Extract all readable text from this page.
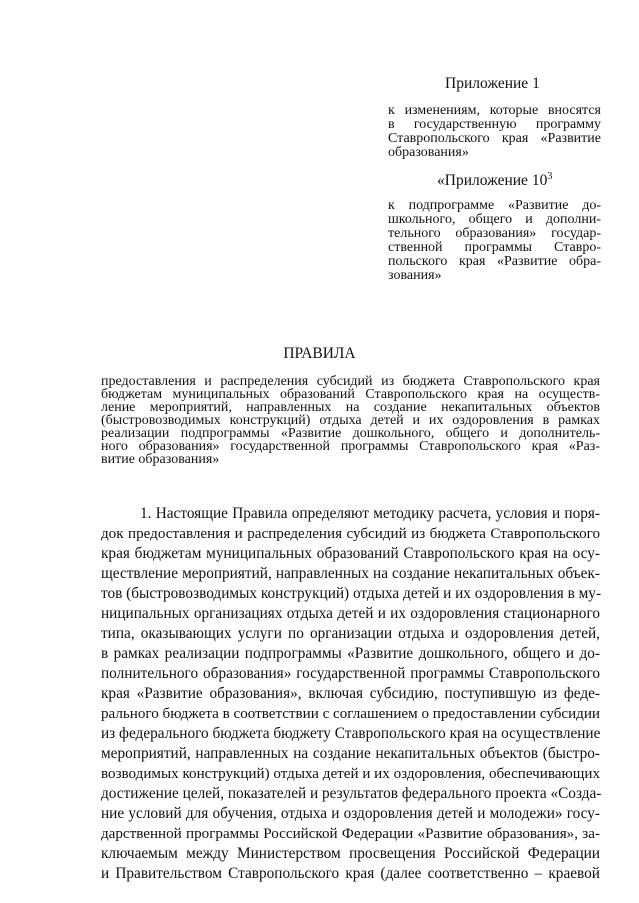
Приложение 1

к изменениям, которые вносятся

в государственную программу

Ставропольского края «Развитие

образования»

«Приложение $10^3$

к подпрограмме «Развитие до-

школьного, общего и дополни-

тельного образования» государ-

ственной программы Ставро-

польского края «Развитие обра-

зования»

ПРАВИЛА

предоставления и распределения субсидий из бюджета Ставропольского края

бюджетам муниципальных образований Ставропольского края на осуществ-

ление мероприятий, направленных на создание некапитальных объектов

(быстровозводимых конструкций) отдыха детей и их оздоровления в рамках

реализации подпрограммы «Развитие дошкольного, общего и дополнитель-

ного образования» государственной программы Ставропольского края «Раз-

витие образования»

1. Настоящие Правила определяют методику расчета, условия и поря-

док предоставления и распределения субсидий из бюджета Ставропольского

края бюджетам муниципальных образований Ставропольского края на осу-

ществление мероприятий, направленных на создание некапитальных объек-

тов (быстровозводимых конструкций) отдыха детей и их оздоровления в му-

ниципальных организациях отдыха детей и их оздоровления стационарного

типа, оказывающих услуги по организации отдыха и оздоровления детей,

в рамках реализации подпрограммы «Развитие дошкольного, общего и до-

полнительного образования» государственной программы Ставропольского

края «Развитие образования», включая субсидию, поступившую из феде-

рального бюджета в соответствии с соглашением о предоставлении субсидии

из федерального бюджета бюджету Ставропольского края на осуществление

мероприятий, направленных на создание некапитальных объектов (быстро-

возводимых конструкций) отдыха детей и их оздоровления, обеспечивающих

достижение целей, показателей и результатов федерального проекта «Созда-

ние условий для обучения, отдыха и оздоровления детей и молодежи» госу-

дарственной программы Российской Федерации «Развитие образования», за-

ключаемым между Министерством просвещения Российской Федерации

и Правительством Ставропольского края (далее соответственно – краевой
